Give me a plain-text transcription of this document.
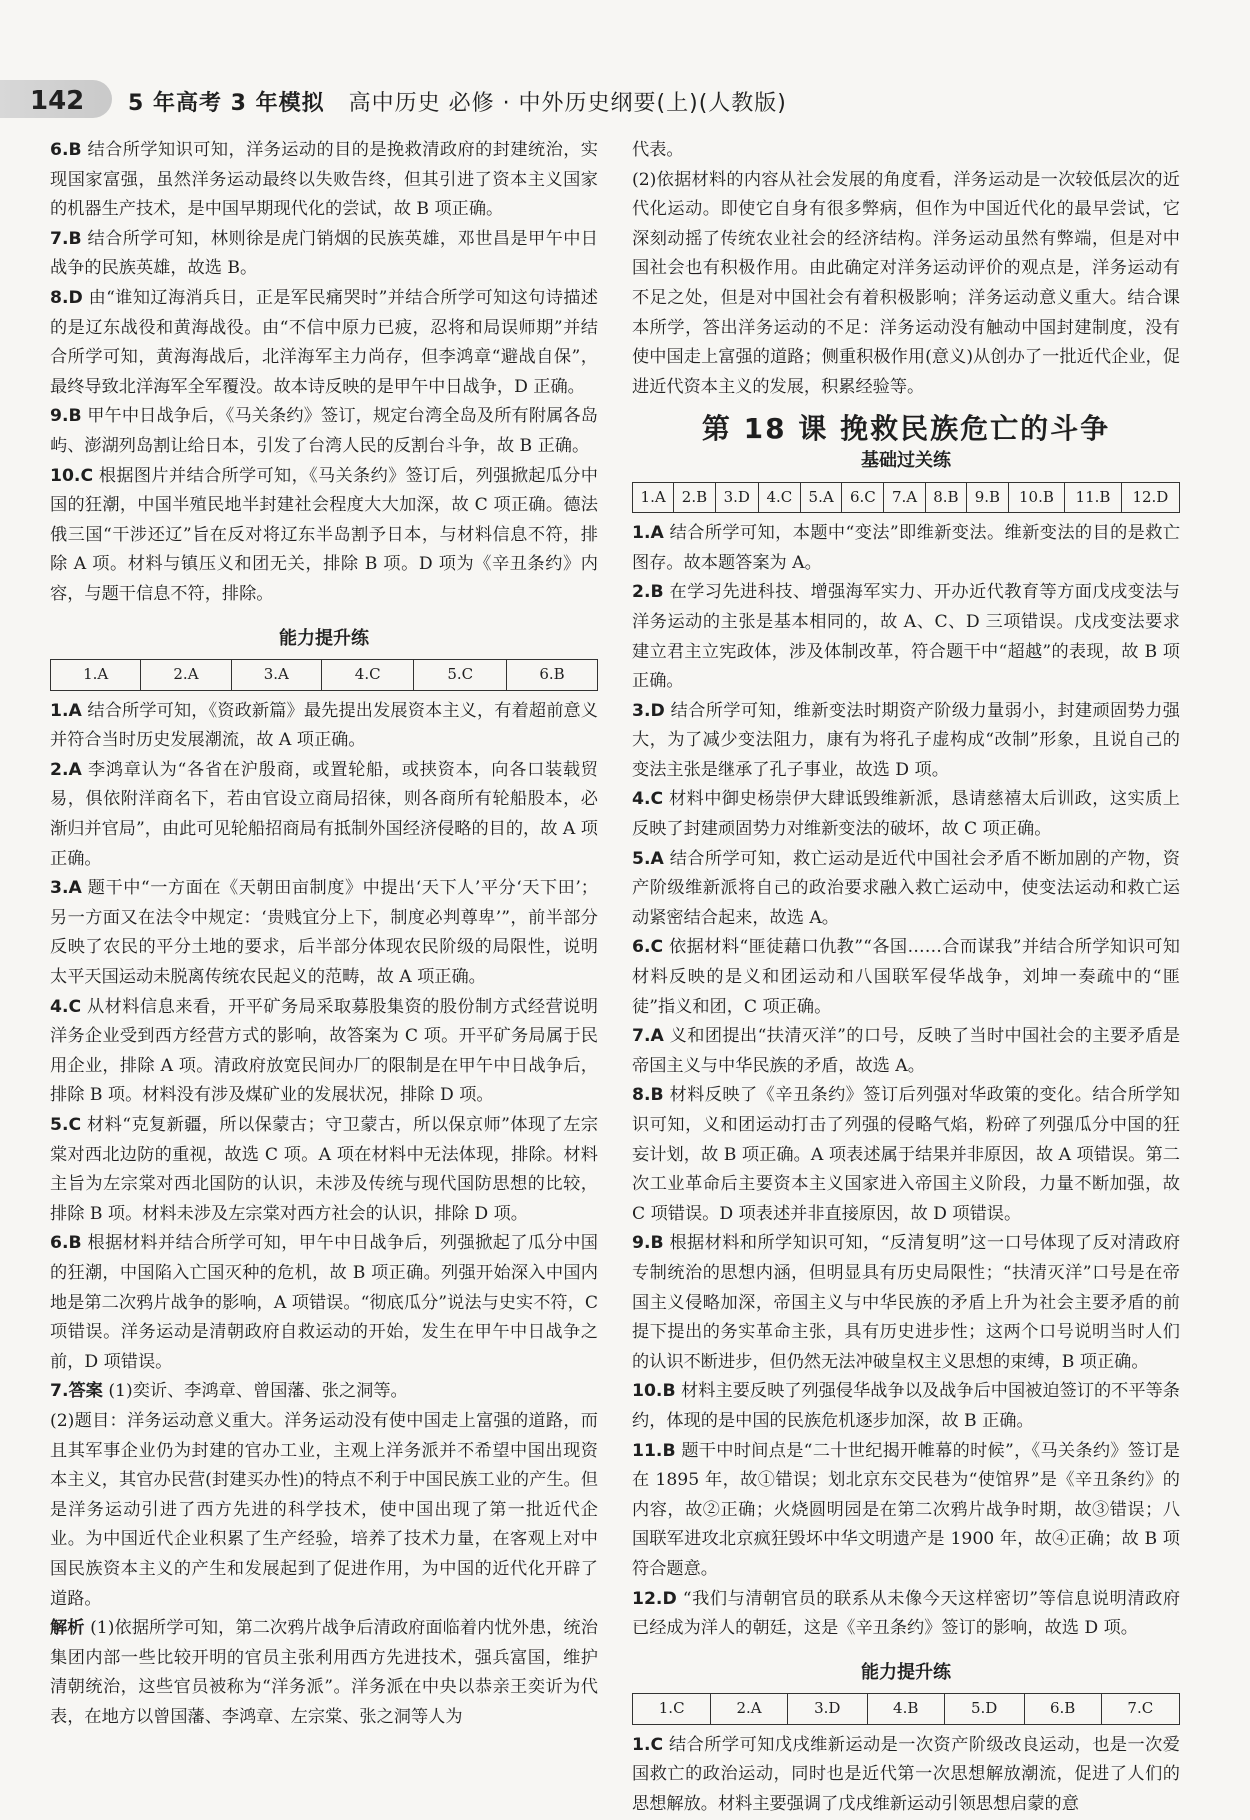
142 5 年高考 3 年模拟 高中历史 必修 · 中外历史纲要(上)(人教版)

6.B 结合所学知识可知，洋务运动的目的是挽救清政府的封建统治，实现国家富强，虽然洋务运动最终以失败告终，但其引进了资本主义国家的机器生产技术，是中国早期现代化的尝试，故 B 项正确。

7.B 结合所学可知，林则徐是虎门销烟的民族英雄，邓世昌是甲午中日战争的民族英雄，故选 B。

8.D 由“谁知辽海消兵日，正是军民痛哭时”并结合所学可知这句诗描述的是辽东战役和黄海战役。由“不信中原力已疲，忍将和局误师期”并结合所学可知，黄海海战后，北洋海军主力尚存，但李鸿章“避战自保”，最终导致北洋海军全军覆没。故本诗反映的是甲午中日战争，D 正确。

9.B 甲午中日战争后，《马关条约》签订，规定台湾全岛及所有附属各岛屿、澎湖列岛割让给日本，引发了台湾人民的反割台斗争，故 B 正确。

10.C 根据图片并结合所学可知，《马关条约》签订后，列强掀起瓜分中国的狂潮，中国半殖民地半封建社会程度大大加深，故 C 项正确。德法俄三国“干涉还辽”旨在反对将辽东半岛割予日本，与材料信息不符，排除 A 项。材料与镇压义和团无关，排除 B 项。D 项为《辛丑条约》内容，与题干信息不符，排除。

能力提升练
1.A	2.A	3.A	4.C	5.C	6.B

1.A 结合所学可知，《资政新篇》最先提出发展资本主义，有着超前意义并符合当时历史发展潮流，故 A 项正确。

2.A 李鸿章认为“各省在沪殷商，或置轮船，或挟资本，向各口装载贸易，俱依附洋商名下，若由官设立商局招徕，则各商所有轮船股本，必渐归并官局”，由此可见轮船招商局有抵制外国经济侵略的目的，故 A 项正确。

3.A 题干中“一方面在《天朝田亩制度》中提出‘天下人’平分‘天下田’；另一方面又在法令中规定：‘贵贱宜分上下，制度必判尊卑’”，前半部分反映了农民的平分土地的要求，后半部分体现农民阶级的局限性，说明太平天国运动未脱离传统农民起义的范畴，故 A 项正确。

4.C 从材料信息来看，开平矿务局采取募股集资的股份制方式经营说明洋务企业受到西方经营方式的影响，故答案为 C 项。开平矿务局属于民用企业，排除 A 项。清政府放宽民间办厂的限制是在甲午中日战争后，排除 B 项。材料没有涉及煤矿业的发展状况，排除 D 项。

5.C 材料“克复新疆，所以保蒙古；守卫蒙古，所以保京师”体现了左宗棠对西北边防的重视，故选 C 项。A 项在材料中无法体现，排除。材料主旨为左宗棠对西北国防的认识，未涉及传统与现代国防思想的比较，排除 B 项。材料未涉及左宗棠对西方社会的认识，排除 D 项。

6.B 根据材料并结合所学可知，甲午中日战争后，列强掀起了瓜分中国的狂潮，中国陷入亡国灭种的危机，故 B 项正确。列强开始深入中国内地是第二次鸦片战争的影响，A 项错误。“彻底瓜分”说法与史实不符，C 项错误。洋务运动是清朝政府自救运动的开始，发生在甲午中日战争之前，D 项错误。

7.答案 (1)奕䜣、李鸿章、曾国藩、张之洞等。

(2)题目：洋务运动意义重大。洋务运动没有使中国走上富强的道路，而且其军事企业仍为封建的官办工业，主观上洋务派并不希望中国出现资本主义，其官办民营(封建买办性)的特点不利于中国民族工业的产生。但是洋务运动引进了西方先进的科学技术，使中国出现了第一批近代企业。为中国近代企业积累了生产经验，培养了技术力量，在客观上对中国民族资本主义的产生和发展起到了促进作用，为中国的近代化开辟了道路。

解析 (1)依据所学可知，第二次鸦片战争后清政府面临着内忧外患，统治集团内部一些比较开明的官员主张利用西方先进技术，强兵富国，维护清朝统治，这些官员被称为“洋务派”。洋务派在中央以恭亲王奕䜣为代表，在地方以曾国藩、李鸿章、左宗棠、张之洞等人为

代表。

(2)依据材料的内容从社会发展的角度看，洋务运动是一次较低层次的近代化运动。即使它自身有很多弊病，但作为中国近代化的最早尝试，它深刻动摇了传统农业社会的经济结构。洋务运动虽然有弊端，但是对中国社会也有积极作用。由此确定对洋务运动评价的观点是，洋务运动有不足之处，但是对中国社会有着积极影响；洋务运动意义重大。结合课本所学，答出洋务运动的不足：洋务运动没有触动中国封建制度，没有使中国走上富强的道路；侧重积极作用(意义)从创办了一批近代企业，促进近代资本主义的发展，积累经验等。

第 18 课 挽救民族危亡的斗争
基础过关练
1.A	2.B	3.D	4.C	5.A	6.C	7.A	8.B	9.B	10.B	11.B	12.D

1.A 结合所学可知，本题中“变法”即维新变法。维新变法的目的是救亡图存。故本题答案为 A。

2.B 在学习先进科技、增强海军实力、开办近代教育等方面戊戌变法与洋务运动的主张是基本相同的，故 A、C、D 三项错误。戊戌变法要求建立君主立宪政体，涉及体制改革，符合题干中“超越”的表现，故 B 项正确。

3.D 结合所学可知，维新变法时期资产阶级力量弱小，封建顽固势力强大，为了减少变法阻力，康有为将孔子虚构成“改制”形象，且说自己的变法主张是继承了孔子事业，故选 D 项。

4.C 材料中御史杨崇伊大肆诋毁维新派，恳请慈禧太后训政，这实质上反映了封建顽固势力对维新变法的破坏，故 C 项正确。

5.A 结合所学可知，救亡运动是近代中国社会矛盾不断加剧的产物，资产阶级维新派将自己的政治要求融入救亡运动中，使变法运动和救亡运动紧密结合起来，故选 A。

6.C 依据材料“匪徒藉口仇教”“各国……合而谋我”并结合所学知识可知材料反映的是义和团运动和八国联军侵华战争，刘坤一奏疏中的“匪徒”指义和团，C 项正确。

7.A 义和团提出“扶清灭洋”的口号，反映了当时中国社会的主要矛盾是帝国主义与中华民族的矛盾，故选 A。

8.B 材料反映了《辛丑条约》签订后列强对华政策的变化。结合所学知识可知，义和团运动打击了列强的侵略气焰，粉碎了列强瓜分中国的狂妄计划，故 B 项正确。A 项表述属于结果并非原因，故 A 项错误。第二次工业革命后主要资本主义国家进入帝国主义阶段，力量不断加强，故 C 项错误。D 项表述并非直接原因，故 D 项错误。

9.B 根据材料和所学知识可知，“反清复明”这一口号体现了反对清政府专制统治的思想内涵，但明显具有历史局限性；“扶清灭洋”口号是在帝国主义侵略加深，帝国主义与中华民族的矛盾上升为社会主要矛盾的前提下提出的务实革命主张，具有历史进步性；这两个口号说明当时人们的认识不断进步，但仍然无法冲破皇权主义思想的束缚，B 项正确。

10.B 材料主要反映了列强侵华战争以及战争后中国被迫签订的不平等条约，体现的是中国的民族危机逐步加深，故 B 正确。

11.B 题干中时间点是“二十世纪揭开帷幕的时候”，《马关条约》签订是在 1895 年，故①错误；划北京东交民巷为“使馆界”是《辛丑条约》的内容，故②正确；火烧圆明园是在第二次鸦片战争时期，故③错误；八国联军进攻北京疯狂毁坏中华文明遗产是 1900 年，故④正确；故 B 项符合题意。

12.D “我们与清朝官员的联系从未像今天这样密切”等信息说明清政府已经成为洋人的朝廷，这是《辛丑条约》签订的影响，故选 D 项。

能力提升练
1.C	2.A	3.D	4.B	5.D	6.B	7.C

1.C 结合所学可知戊戌维新运动是一次资产阶级改良运动，也是一次爱国救亡的政治运动，同时也是近代第一次思想解放潮流，促进了人们的思想解放。材料主要强调了戊戌维新运动引领思想启蒙的意
